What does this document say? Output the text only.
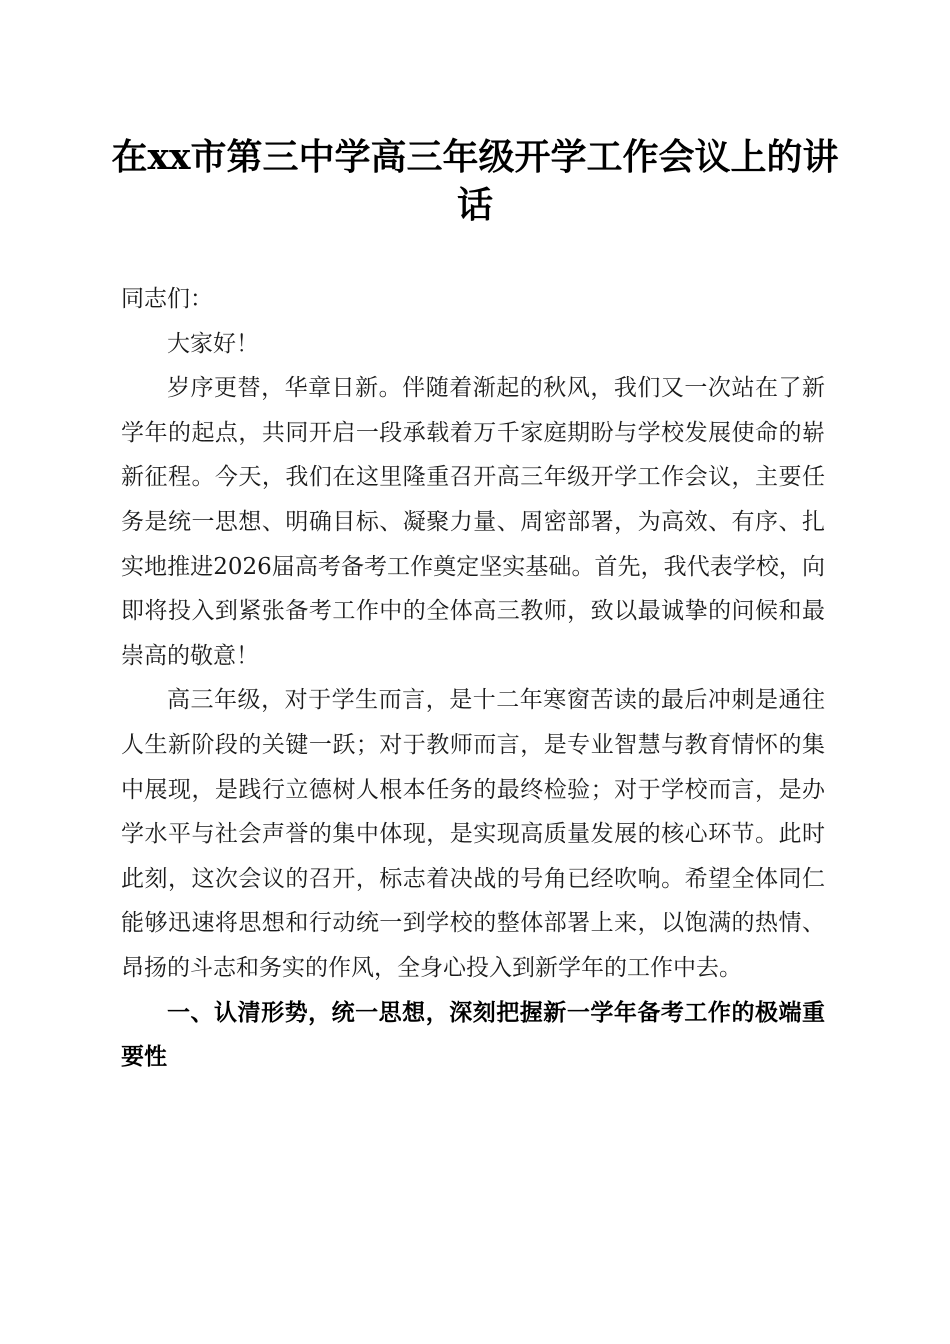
在xx市第三中学高三年级开学工作会议上的讲话

同志们：

大家好！

岁序更替，华章日新。伴随着渐起的秋风，我们又一次站在了新学年的起点，共同开启一段承载着万千家庭期盼与学校发展使命的崭新征程。今天，我们在这里隆重召开高三年级开学工作会议，主要任务是统一思想、明确目标、凝聚力量、周密部署，为高效、有序、扎实地推进2026届高考备考工作奠定坚实基础。首先，我代表学校，向即将投入到紧张备考工作中的全体高三教师，致以最诚挚的问候和最崇高的敬意！

高三年级，对于学生而言，是十二年寒窗苦读的最后冲刺是通往人生新阶段的关键一跃；对于教师而言，是专业智慧与教育情怀的集中展现，是践行立德树人根本任务的最终检验；对于学校而言，是办学水平与社会声誉的集中体现，是实现高质量发展的核心环节。此时此刻，这次会议的召开，标志着决战的号角已经吹响。希望全体同仁能够迅速将思想和行动统一到学校的整体部署上来，以饱满的热情、昂扬的斗志和务实的作风，全身心投入到新学年的工作中去。

一、认清形势，统一思想，深刻把握新一学年备考工作的极端重要性
